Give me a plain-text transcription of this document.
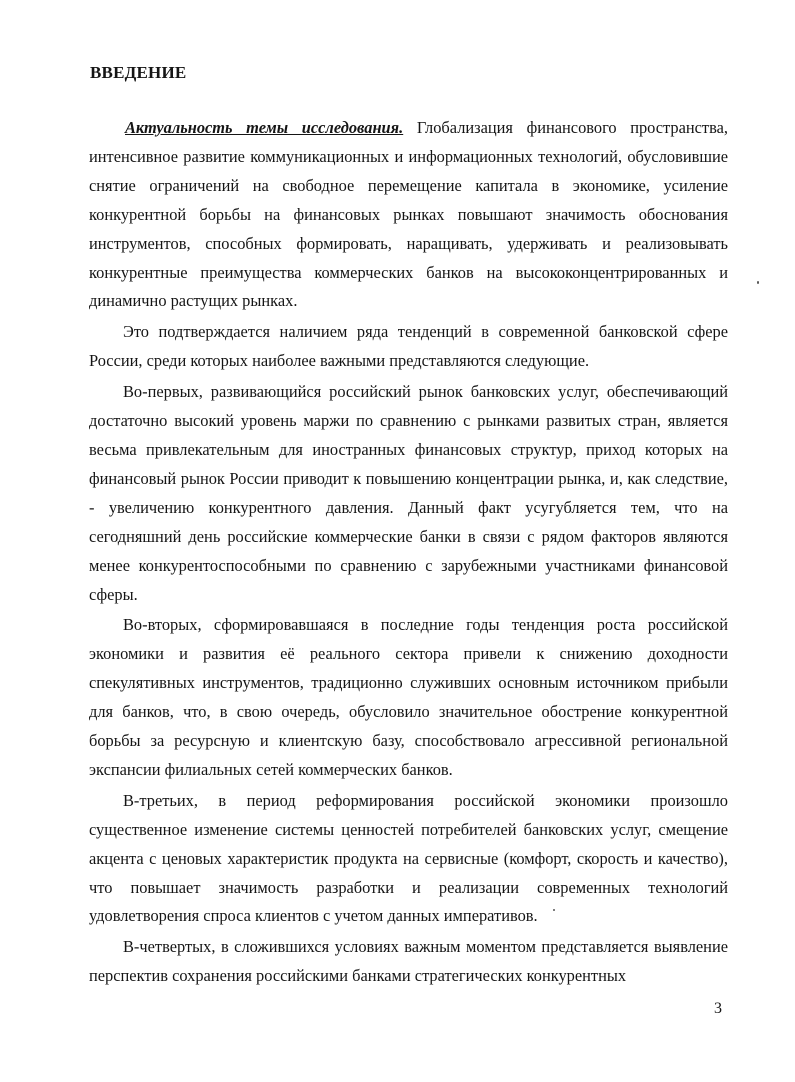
ВВЕДЕНИЕ

Актуальность темы исследования. Глобализация финансового пространства, интенсивное развитие коммуникационных и информационных технологий, обусловившие снятие ограничений на свободное перемещение капитала в экономике, усиление конкурентной борьбы на финансовых рынках повышают значимость обоснования инструментов, способных формировать, наращивать, удерживать и реализовывать конкурентные преимущества коммерческих банков на высококонцентрированных и динамично растущих рынках.

Это подтверждается наличием ряда тенденций в современной банковской сфере России, среди которых наиболее важными представляются следующие.

Во-первых, развивающийся российский рынок банковских услуг, обеспечивающий достаточно высокий уровень маржи по сравнению с рынками развитых стран, является весьма привлекательным для иностранных финансовых структур, приход которых на финансовый рынок России приводит к повышению концентрации рынка, и, как следствие, - увеличению конкурентного давления. Данный факт усугубляется тем, что на сегодняшний день российские коммерческие банки в связи с рядом факторов являются менее конкурентоспособными по сравнению с зарубежными участниками финансовой сферы.

Во-вторых, сформировавшаяся в последние годы тенденция роста российской экономики и развития её реального сектора привели к снижению доходности спекулятивных инструментов, традиционно служивших основным источником прибыли для банков, что, в свою очередь, обусловило значительное обострение конкурентной борьбы за ресурсную и клиентскую базу, способствовало агрессивной региональной экспансии филиальных сетей коммерческих банков.

В-третьих, в период реформирования российской экономики произошло существенное изменение системы ценностей потребителей банковских услуг, смещение акцента с ценовых характеристик продукта на сервисные (комфорт, скорость и качество), что повышает значимость разработки и реализации современных технологий удовлетворения спроса клиентов с учетом данных императивов.

В-четвертых, в сложившихся условиях важным моментом представляется выявление перспектив сохранения российскими банками стратегических конкурентных

3
